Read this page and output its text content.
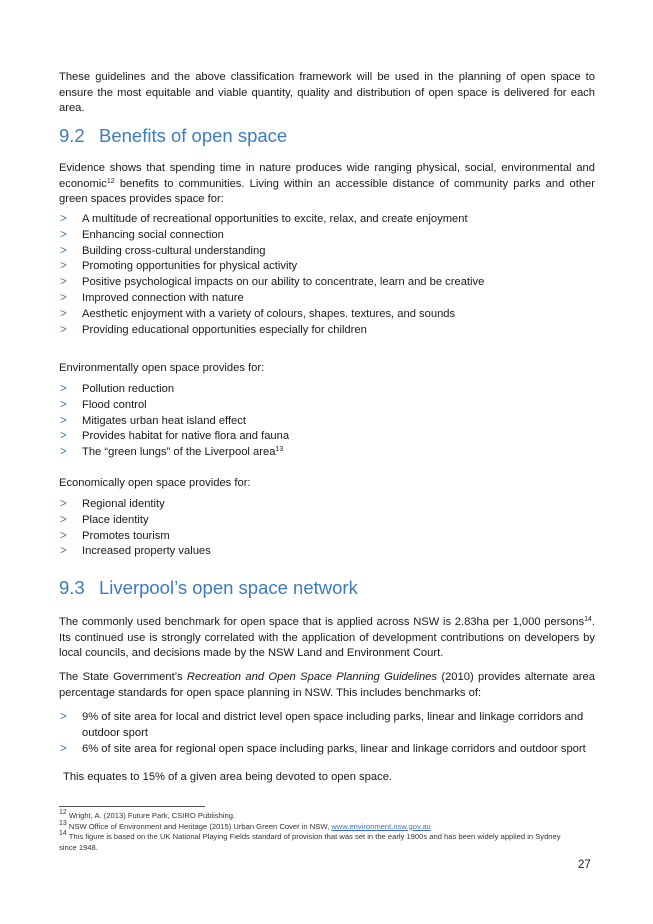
These guidelines and the above classification framework will be used in the planning of open space to ensure the most equitable and viable quantity, quality and distribution of open space is delivered for each area.

9.2 Benefits of open space

Evidence shows that spending time in nature produces wide ranging physical, social, environmental and economic$^{12}$ benefits to communities. Living within an accessible distance of community parks and other green spaces provides space for:

> A multitude of recreational opportunities to excite, relax, and create enjoyment
> Enhancing social connection
> Building cross-cultural understanding
> Promoting opportunities for physical activity
> Positive psychological impacts on our ability to concentrate, learn and be creative
> Improved connection with nature
> Aesthetic enjoyment with a variety of colours, shapes. textures, and sounds
> Providing educational opportunities especially for children

Environmentally open space provides for:

> Pollution reduction
> Flood control
> Mitigates urban heat island effect
> Provides habitat for native flora and fauna
> The “green lungs” of the Liverpool area$^{13}$

Economically open space provides for:

> Regional identity
> Place identity
> Promotes tourism
> Increased property values
9.3 Liverpool’s open space network

The commonly used benchmark for open space that is applied across NSW is 2.83ha per 1,000 persons$^{14}$. Its continued use is strongly correlated with the application of development contributions on developers by local councils, and decisions made by the NSW Land and Environment Court.

The State Government’s Recreation and Open Space Planning Guidelines (2010) provides alternate area percentage standards for open space planning in NSW. This includes benchmarks of:

> 9% of site area for local and district level open space including parks, linear and linkage corridors and outdoor sport
> 6% of site area for regional open space including parks, linear and linkage corridors and outdoor sport

This equates to 15% of a given area being devoted to open space.

$^{12}$ Wright, A. (2013) Future Park, CSIRO Publishing.
$^{13}$ NSW Office of Environment and Heritage (2015) Urban Green Cover in NSW, www.environment.nsw.gov.au
$^{14}$ This figure is based on the UK National Playing Fields standard of provision that was set in the early 1900s and has been widely applied in Sydney since 1948.
27
